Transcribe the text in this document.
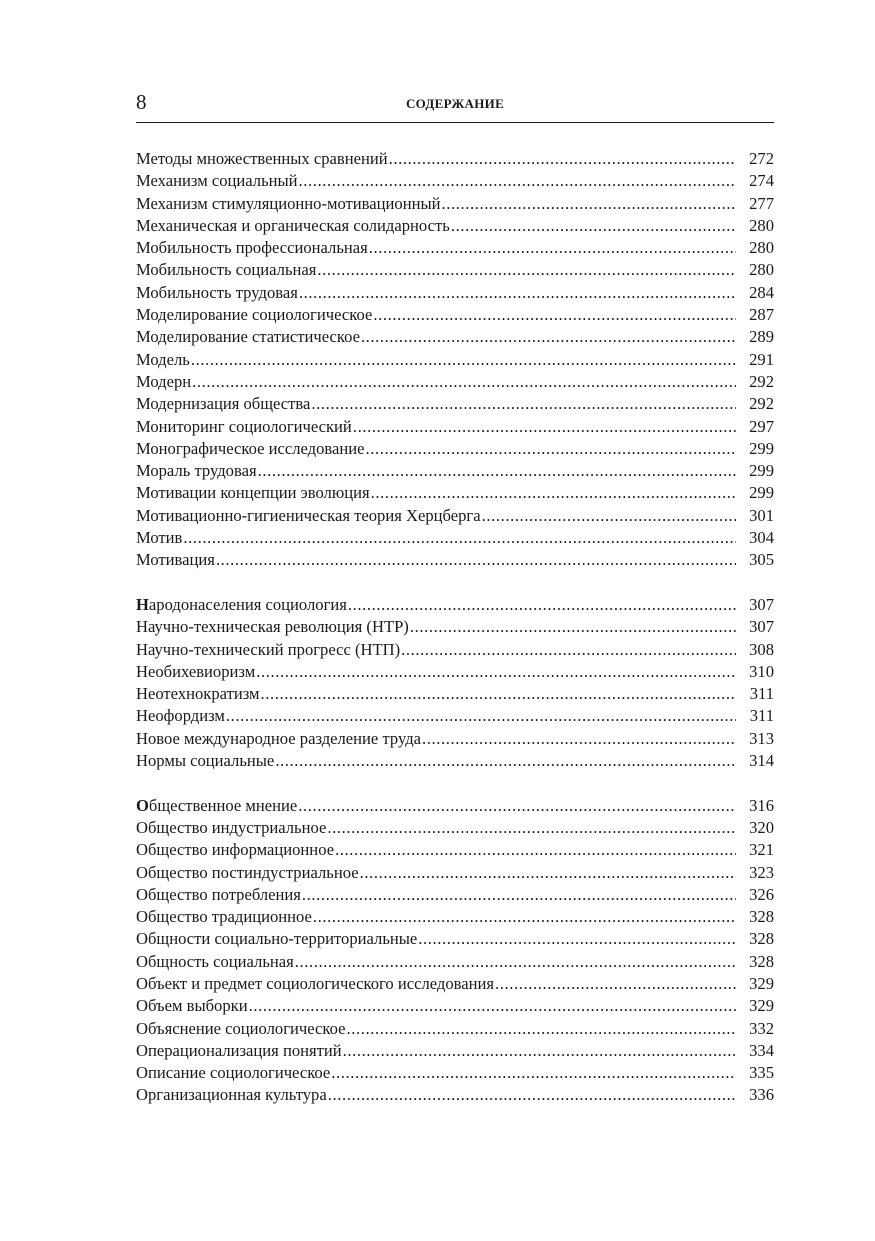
8	СОДЕРЖАНИЕ
Методы множественных сравнений .....	272
Механизм социальный .....	274
Механизм стимуляционно-мотивационный .....	277
Механическая и органическая солидарность .....	280
Мобильность профессиональная .....	280
Мобильность социальная .....	280
Мобильность трудовая .....	284
Моделирование социологическое .....	287
Моделирование статистическое .....	289
Модель .....	291
Модерн .....	292
Модернизация общества .....	292
Мониторинг социологический .....	297
Монографическое исследование .....	299
Мораль трудовая .....	299
Мотивации концепции эволюция .....	299
Мотивационно-гигиеническая теория Херцберга .....	301
Мотив .....	304
Мотивация .....	305
Народонаселения социология .....	307
Научно-техническая революция (НТР) .....	307
Научно-технический прогресс (НТП) .....	308
Необихевиоризм .....	310
Неотехнократизм .....	311
Неофордизм .....	311
Новое международное разделение труда .....	313
Нормы социальные .....	314
Общественное мнение .....	316
Общество индустриальное .....	320
Общество информационное .....	321
Общество постиндустриальное .....	323
Общество потребления .....	326
Общество традиционное .....	328
Общности социально-территориальные .....	328
Общность социальная .....	328
Объект и предмет социологического исследования .....	329
Объем выборки .....	329
Объяснение социологическое .....	332
Операционализация понятий .....	334
Описание социологическое .....	335
Организационная культура .....	336
